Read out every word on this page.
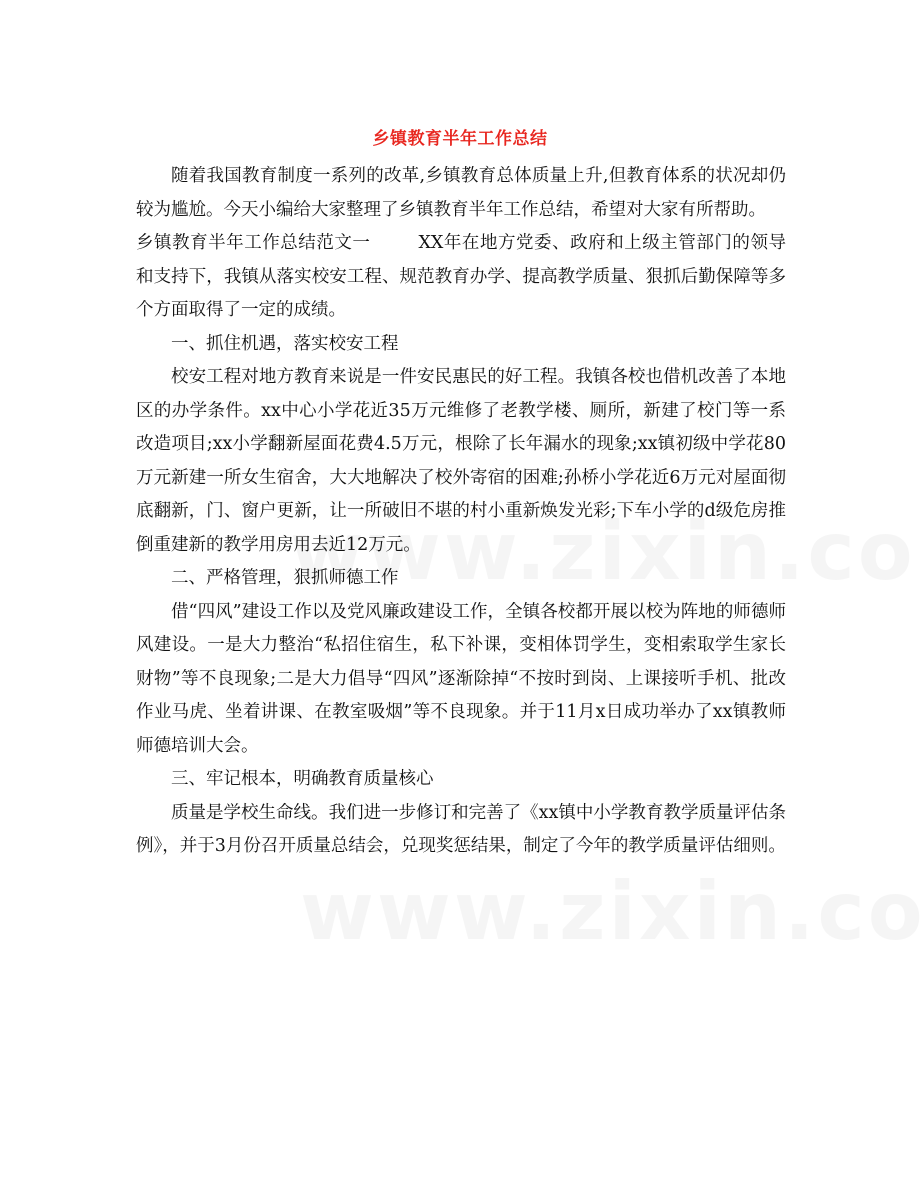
乡镇教育半年工作总结

随着我国教育制度一系列的改革,乡镇教育总体质量上升,但教育体系的状况却仍较为尴尬。今天小编给大家整理了乡镇教育半年工作总结，希望对大家有所帮助。

乡镇教育半年工作总结范文一	XX年在地方党委、政府和上级主管部门的领导和支持下，我镇从落实校安工程、规范教育办学、提高教学质量、狠抓后勤保障等多个方面取得了一定的成绩。

一、抓住机遇，落实校安工程

校安工程对地方教育来说是一件安民惠民的好工程。我镇各校也借机改善了本地区的办学条件。xx中心小学花近35万元维修了老教学楼、厕所，新建了校门等一系改造项目;xx小学翻新屋面花费4.5万元，根除了长年漏水的现象;xx镇初级中学花80万元新建一所女生宿舍，大大地解决了校外寄宿的困难;孙桥小学花近6万元对屋面彻底翻新，门、窗户更新，让一所破旧不堪的村小重新焕发光彩;下车小学的d级危房推倒重建新的教学用房用去近12万元。

二、严格管理，狠抓师德工作

借“四风”建设工作以及党风廉政建设工作，全镇各校都开展以校为阵地的师德师风建设。一是大力整治“私招住宿生，私下补课，变相体罚学生，变相索取学生家长财物”等不良现象;二是大力倡导“四风”逐渐除掉“不按时到岗、上课接听手机、批改作业马虎、坐着讲课、在教室吸烟”等不良现象。并于11月x日成功举办了xx镇教师师德培训大会。

三、牢记根本，明确教育质量核心

质量是学校生命线。我们进一步修订和完善了《xx镇中小学教育教学质量评估条例》，并于3月份召开质量总结会，兑现奖惩结果，制定了今年的教学质量评估细则。
